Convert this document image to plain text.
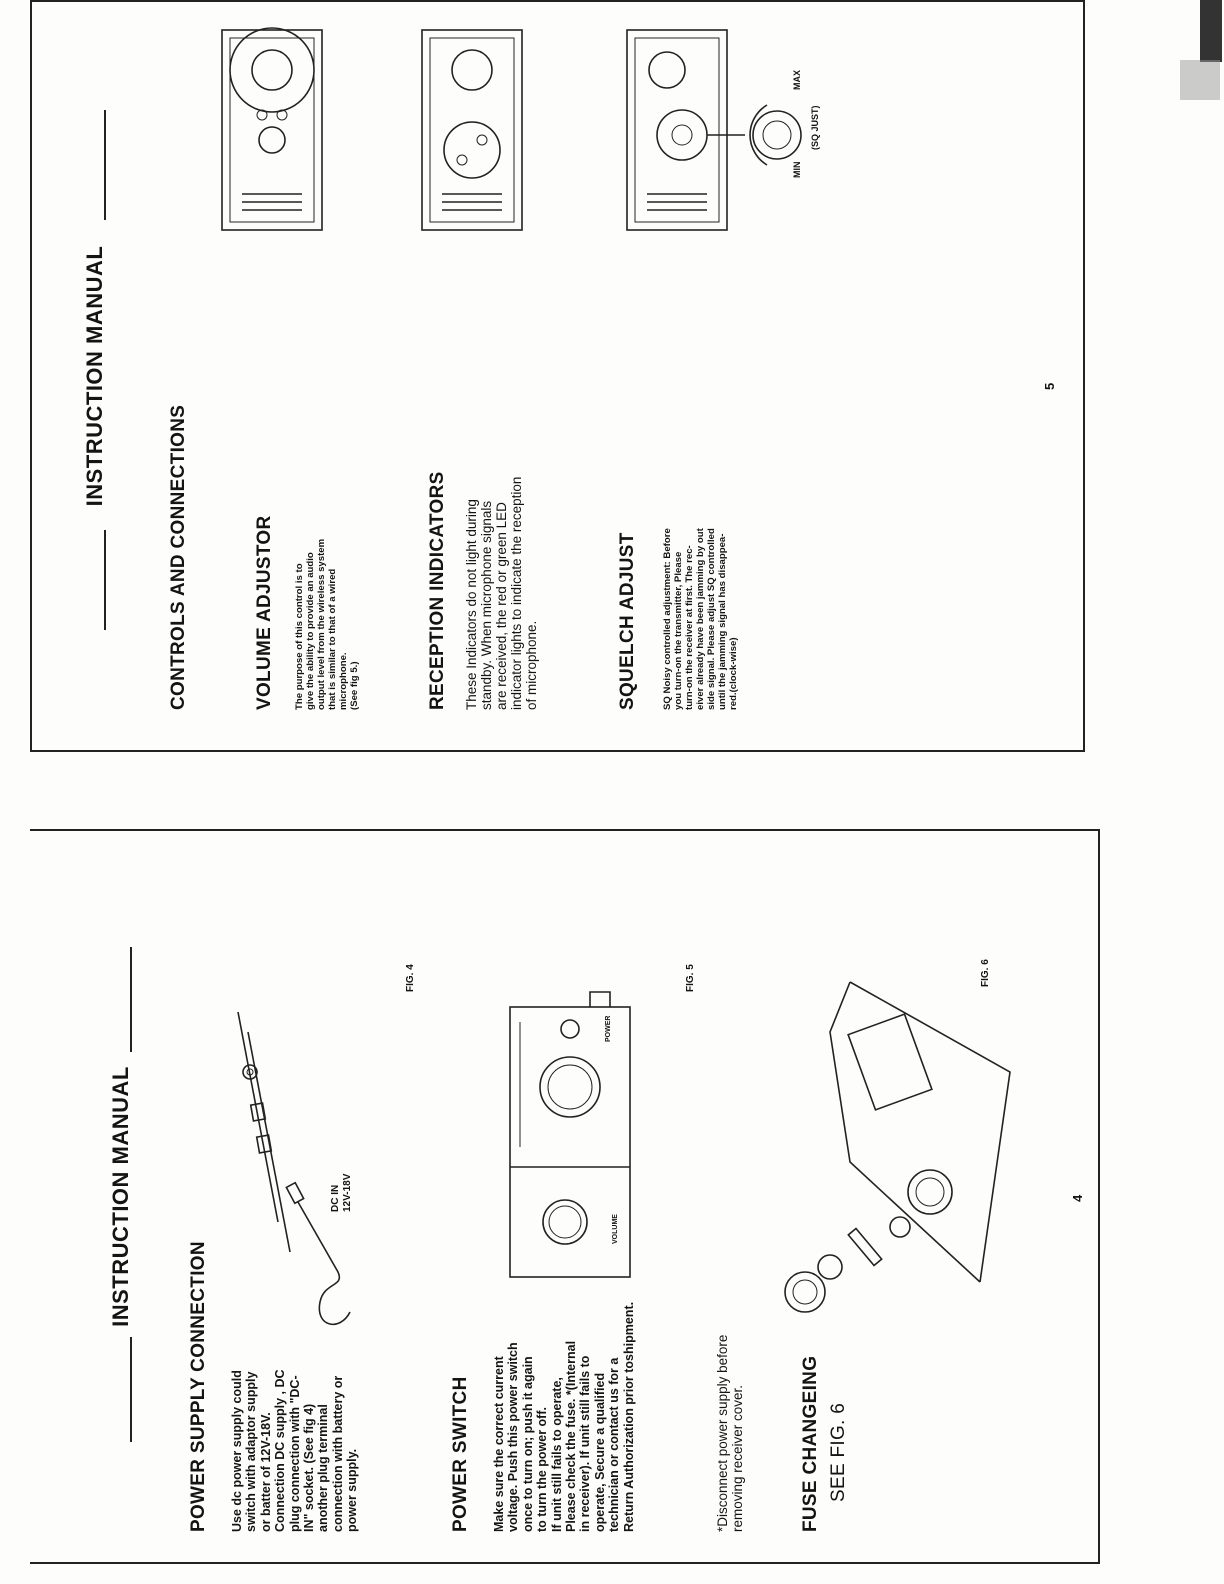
INSTRUCTION MANUAL
POWER SUPPLY CONNECTION Use dc power supply could switch with adaptor supply or batter of 12V-18V. Connection DC supply , DC plug connection with "DC- IN" socket. (See fig 4) another plug terminal connection with battery or power supply.
DC IN 12V-18V
FIG. 4
POWER SWITCH Make sure the correct current voltage. Push this power switch once to turn on; push it again to turn the power off. If unit still fails to operate, Please check the fuse. *(Internal in receiver). If unit still fails to operate, Secure a qualified technician or contact us for a Return Authorization prior toshipment.
VOLUME
POWER
FIG. 5
*Disconnect power supply before removing receiver cover.	FUSE CHANGEING SEE FIG. 6
FIG. 6
4
INSTRUCTION MANUAL
CONTROLS AND CONNECTIONS	VOLUME ADJUSTOR The purpose of this control is to give the ability to provide an audio output level from the wireless system that is similar to that of a wired microphone. (See fig 5.)	RECEPTION INDICATORS These Indicators do not light during standby. When microphone signals are received, the red or green LED indicator lights to indicate the reception of microphone.	SQUELCH ADJUST	SQ Noisy controlled adjustment: Before you turn-on the transmitter, Please turn-on the receiver at first. The rec- eiver already have been jamming by out side signal. Please adjust SQ controlled until the jamming signal has disappea- red.(clock-wise)
MIN
MAX
(SQ JUST)
5
